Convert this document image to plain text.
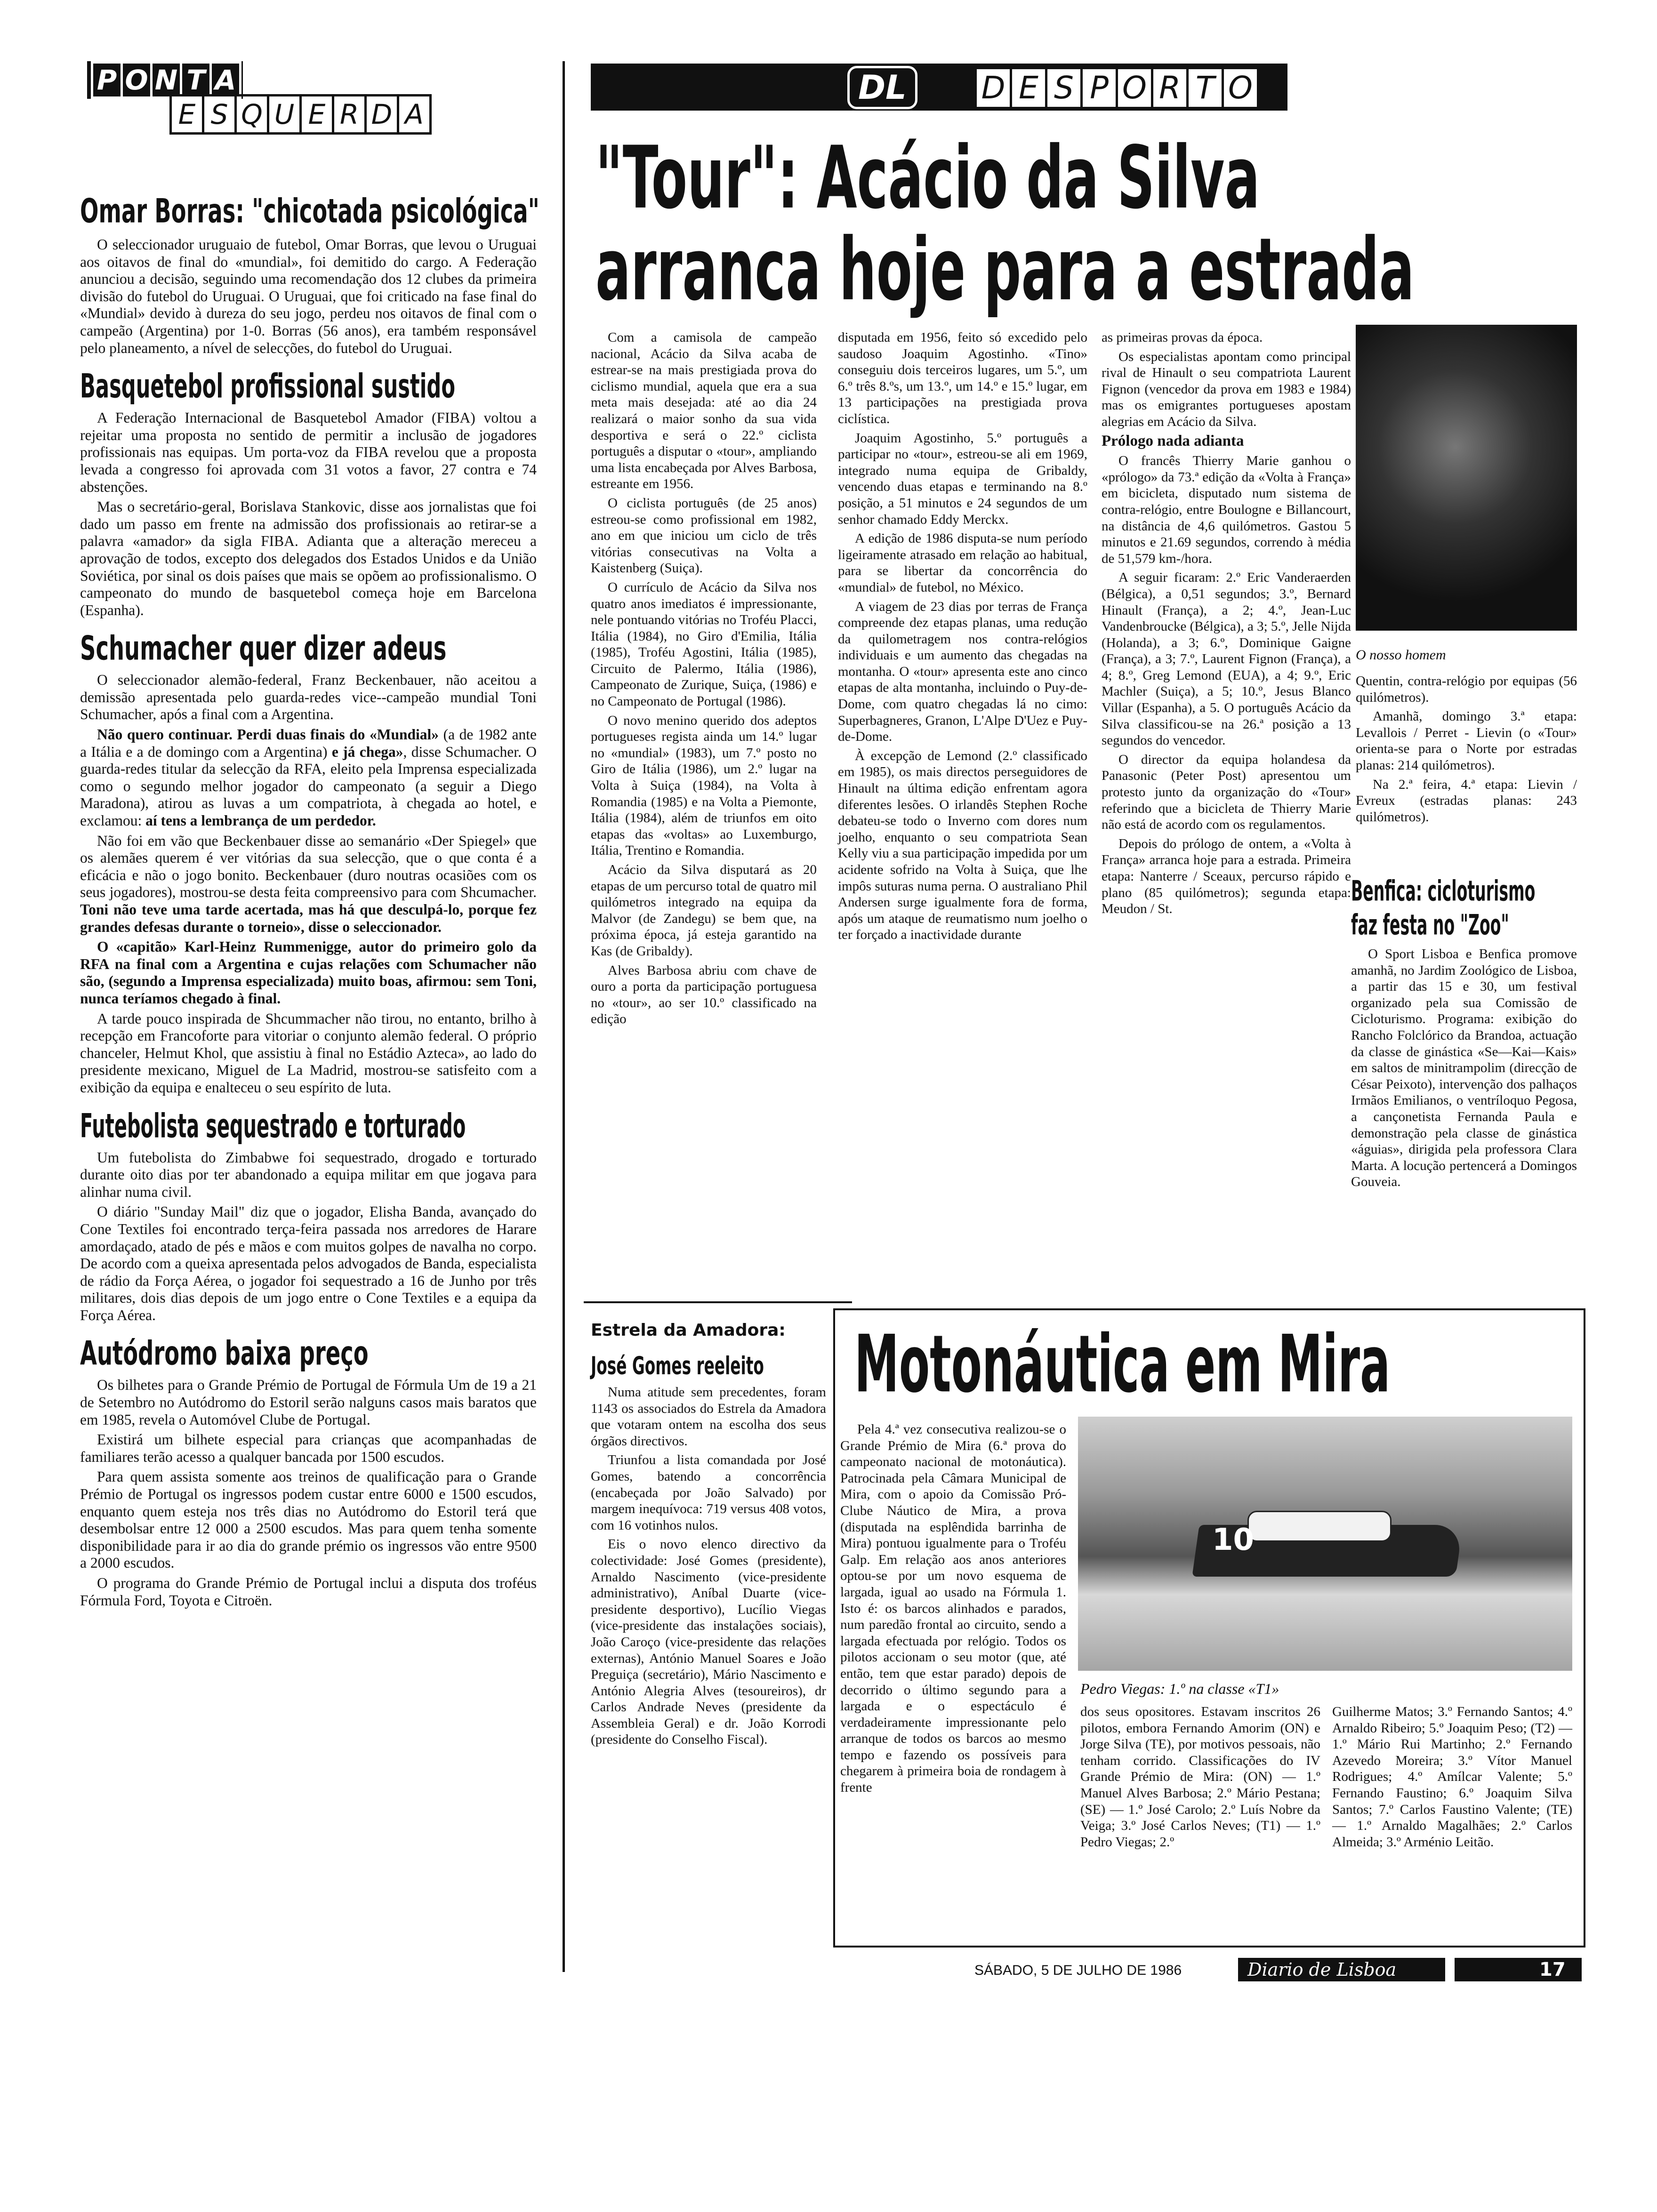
P O N T A
E S Q U E R D A
DL	D E S P O R T O
"Tour": Acácio da Silva
arranca hoje para a estrada
Omar Borras: "chicotada psicológica"

O seleccionador uruguaio de futebol, Omar Borras, que levou o Uruguai aos oitavos de final do «mundial», foi demitido do cargo. A Federação anunciou a decisão, seguindo uma recomendação dos 12 clubes da primeira divisão do futebol do Uruguai. O Uruguai, que foi criticado na fase final do «Mundial» devido à dureza do seu jogo, perdeu nos oitavos de final com o campeão (Argentina) por 1-0. Borras (56 anos), era também responsável pelo planeamento, a nível de selecções, do futebol do Uruguai.

Basquetebol profissional sustido

A Federação Internacional de Basquetebol Amador (FIBA) voltou a rejeitar uma proposta no sentido de permitir a inclusão de jogadores profissionais nas equipas. Um porta-voz da FIBA revelou que a proposta levada a congresso foi aprovada com 31 votos a favor, 27 contra e 74 abstenções.

Mas o secretário-geral, Borislava Stankovic, disse aos jornalistas que foi dado um passo em frente na admissão dos profissionais ao retirar-se a palavra «amador» da sigla FIBA. Adianta que a alteração mereceu a aprovação de todos, excepto dos delegados dos Estados Unidos e da União Soviética, por sinal os dois países que mais se opõem ao profissionalismo. O campeonato do mundo de basquetebol começa hoje em Barcelona (Espanha).

Schumacher quer dizer adeus

O seleccionador alemão-federal, Franz Beckenbauer, não aceitou a demissão apresentada pelo guarda-redes vice--campeão mundial Toni Schumacher, após a final com a Argentina.

Não quero continuar. Perdi duas finais do «Mundial» (a de 1982 ante a Itália e a de domingo com a Argentina) e já chega», disse Schumacher. O guarda-redes titular da selecção da RFA, eleito pela Imprensa especializada como o segundo melhor jogador do campeonato (a seguir a Diego Maradona), atirou as luvas a um compatriota, à chegada ao hotel, e exclamou: aí tens a lembrança de um perdedor.

Não foi em vão que Beckenbauer disse ao semanário «Der Spiegel» que os alemães querem é ver vitórias da sua selecção, que o que conta é a eficácia e não o jogo bonito. Beckenbauer (duro noutras ocasiões com os seus jogadores), mostrou-se desta feita compreensivo para com Shcumacher. Toni não teve uma tarde acertada, mas há que desculpá-lo, porque fez grandes defesas durante o torneio», disse o seleccionador.

O «capitão» Karl-Heinz Rummenigge, autor do primeiro golo da RFA na final com a Argentina e cujas relações com Schumacher não são, (segundo a Imprensa especializada) muito boas, afirmou: sem Toni, nunca teríamos chegado à final.

A tarde pouco inspirada de Shcummacher não tirou, no entanto, brilho à recepção em Francoforte para vitoriar o conjunto alemão federal. O próprio chanceler, Helmut Khol, que assistiu à final no Estádio Azteca», ao lado do presidente mexicano, Miguel de La Madrid, mostrou-se satisfeito com a exibição da equipa e enalteceu o seu espírito de luta.

Futebolista sequestrado e torturado

Um futebolista do Zimbabwe foi sequestrado, drogado e torturado durante oito dias por ter abandonado a equipa militar em que jogava para alinhar numa civil.

O diário "Sunday Mail" diz que o jogador, Elisha Banda, avançado do Cone Textiles foi encontrado terça-feira passada nos arredores de Harare amordaçado, atado de pés e mãos e com muitos golpes de navalha no corpo. De acordo com a queixa apresentada pelos advogados de Banda, especialista de rádio da Força Aérea, o jogador foi sequestrado a 16 de Junho por três militares, dois dias depois de um jogo entre o Cone Textiles e a equipa da Força Aérea.

Autódromo baixa preço

Os bilhetes para o Grande Prémio de Portugal de Fórmula Um de 19 a 21 de Setembro no Autódromo do Estoril serão nalguns casos mais baratos que em 1985, revela o Automóvel Clube de Portugal.

Existirá um bilhete especial para crianças que acompanhadas de familiares terão acesso a qualquer bancada por 1500 escudos.

Para quem assista somente aos treinos de qualificação para o Grande Prémio de Portugal os ingressos podem custar entre 6000 e 1500 escudos, enquanto quem esteja nos três dias no Autódromo do Estoril terá que desembolsar entre 12 000 a 2500 escudos. Mas para quem tenha somente disponibilidade para ir ao dia do grande prémio os ingressos vão entre 9500 a 2000 escudos.

O programa do Grande Prémio de Portugal inclui a disputa dos troféus Fórmula Ford, Toyota e Citroën.

Com a camisola de campeão nacional, Acácio da Silva acaba de estrear-se na mais prestigiada prova do ciclismo mundial, aquela que era a sua meta mais desejada: até ao dia 24 realizará o maior sonho da sua vida desportiva e será o 22.º ciclista português a disputar o «tour», ampliando uma lista encabeçada por Alves Barbosa, estreante em 1956.

O ciclista português (de 25 anos) estreou-se como profissional em 1982, ano em que iniciou um ciclo de três vitórias consecutivas na Volta a Kaistenberg (Suiça).

O currículo de Acácio da Silva nos quatro anos imediatos é impressionante, nele pontuando vitórias no Troféu Placci, Itália (1984), no Giro d'Emilia, Itália (1985), Troféu Agostini, Itália (1985), Circuito de Palermo, Itália (1986), Campeonato de Zurique, Suiça, (1986) e no Campeonato de Portugal (1986).

O novo menino querido dos adeptos portugueses regista ainda um 14.º lugar no «mundial» (1983), um 7.º posto no Giro de Itália (1986), um 2.º lugar na Volta à Suiça (1984), na Volta à Romandia (1985) e na Volta a Piemonte, Itália (1984), além de triunfos em oito etapas das «voltas» ao Luxemburgo, Itália, Trentino e Romandia.

Acácio da Silva disputará as 20 etapas de um percurso total de quatro mil quilómetros integrado na equipa da Malvor (de Zandegu) se bem que, na próxima época, já esteja garantido na Kas (de Gribaldy).

Alves Barbosa abriu com chave de ouro a porta da participação portuguesa no «tour», ao ser 10.º classificado na edição

disputada em 1956, feito só excedido pelo saudoso Joaquim Agostinho. «Tino» conseguiu dois terceiros lugares, um 5.º, um 6.º três 8.ºs, um 13.º, um 14.º e 15.º lugar, em 13 participações na prestigiada prova ciclística.

Joaquim Agostinho, 5.º português a participar no «tour», estreou-se ali em 1969, integrado numa equipa de Gribaldy, vencendo duas etapas e terminando na 8.º posição, a 51 minutos e 24 segundos de um senhor chamado Eddy Merckx.

A edição de 1986 disputa-se num período ligeiramente atrasado em relação ao habitual, para se libertar da concorrência do «mundial» de futebol, no México.

A viagem de 23 dias por terras de França compreende dez etapas planas, uma redução da quilometragem nos contra-relógios individuais e um aumento das chegadas na montanha. O «tour» apresenta este ano cinco etapas de alta montanha, incluindo o Puy-de-Dome, com quatro chegadas lá no cimo: Superbagneres, Granon, L'Alpe D'Uez e Puy-de-Dome.

À excepção de Lemond (2.º classificado em 1985), os mais directos perseguidores de Hinault na última edição enfrentam agora diferentes lesões. O irlandês Stephen Roche debateu-se todo o Inverno com dores num joelho, enquanto o seu compatriota Sean Kelly viu a sua participação impedida por um acidente sofrido na Volta à Suiça, que lhe impôs suturas numa perna. O australiano Phil Andersen surge igualmente fora de forma, após um ataque de reumatismo num joelho o ter forçado a inactividade durante

as primeiras provas da época.

Os especialistas apontam como principal rival de Hinault o seu compatriota Laurent Fignon (vencedor da prova em 1983 e 1984) mas os emigrantes portugueses apostam alegrias em Acácio da Silva.

Prólogo nada adianta

O francês Thierry Marie ganhou o «prólogo» da 73.ª edição da «Volta à França» em bicicleta, disputado num sistema de contra-relógio, entre Boulogne e Billancourt, na distância de 4,6 quilómetros. Gastou 5 minutos e 21.69 segundos, correndo à média de 51,579 km-/hora.

A seguir ficaram: 2.º Eric Vanderaerden (Bélgica), a 0,51 segundos; 3.º, Bernard Hinault (França), a 2; 4.º, Jean-Luc Vandenbroucke (Bélgica), a 3; 5.º, Jelle Nijda (Holanda), a 3; 6.º, Dominique Gaigne (França), a 3; 7.º, Laurent Fignon (França), a 4; 8.º, Greg Lemond (EUA), a 4; 9.º, Eric Machler (Suiça), a 5; 10.º, Jesus Blanco Villar (Espanha), a 5. O português Acácio da Silva classificou-se na 26.ª posição a 13 segundos do vencedor.

O director da equipa holandesa da Panasonic (Peter Post) apresentou um protesto junto da organização do «Tour» referindo que a bicicleta de Thierry Marie não está de acordo com os regulamentos.

Depois do prólogo de ontem, a «Volta à França» arranca hoje para a estrada. Primeira etapa: Nanterre / Sceaux, percurso rápido e plano (85 quilómetros); segunda etapa: Meudon / St.

O nosso homem

Quentin, contra-relógio por equipas (56 quilómetros).

Amanhã, domingo 3.ª etapa: Levallois / Perret - Lievin (o «Tour» orienta-se para o Norte por estradas planas: 214 quilómetros).

Na 2.ª feira, 4.ª etapa: Lievin / Evreux (estradas planas: 243 quilómetros).

Benfica: cicloturismo
faz festa no "Zoo"

O Sport Lisboa e Benfica promove amanhã, no Jardim Zoológico de Lisboa, a partir das 15 e 30, um festival organizado pela sua Comissão de Cicloturismo. Programa: exibição do Rancho Folclórico da Brandoa, actuação da classe de ginástica «Se—Kai—Kais» em saltos de minitrampolim (direcção de César Peixoto), intervenção dos palhaços Irmãos Emilianos, o ventríloquo Pegosa, a cançonetista Fernanda Paula e demonstração pela classe de ginástica «águias», dirigida pela professora Clara Marta. A locução pertencerá a Domingos Gouveia.

Estrela da Amadora:
José Gomes reeleito

Numa atitude sem precedentes, foram 1143 os associados do Estrela da Amadora que votaram ontem na escolha dos seus órgãos directivos.

Triunfou a lista comandada por José Gomes, batendo a concorrência (encabeçada por João Salvado) por margem inequívoca: 719 versus 408 votos, com 16 votinhos nulos.

Eis o novo elenco directivo da colectividade: José Gomes (presidente), Arnaldo Nascimento (vice-presidente administrativo), Aníbal Duarte (vice-presidente desportivo), Lucílio Viegas (vice-presidente das instalações sociais), João Caroço (vice-presidente das relações externas), António Manuel Soares e João Preguiça (secretário), Mário Nascimento e António Alegria Alves (tesoureiros), dr Carlos Andrade Neves (presidente da Assembleia Geral) e dr. João Korrodi (presidente do Conselho Fiscal).

Motonáutica em Mira

Pela 4.ª vez consecutiva realizou-se o Grande Prémio de Mira (6.ª prova do campeonato nacional de motonáutica). Patrocinada pela Câmara Municipal de Mira, com o apoio da Comissão Pró-Clube Náutico de Mira, a prova (disputada na esplêndida barrinha de Mira) pontuou igualmente para o Troféu Galp. Em relação aos anos anteriores optou-se por um novo esquema de largada, igual ao usado na Fórmula 1. Isto é: os barcos alinhados e parados, num paredão frontal ao circuito, sendo a largada efectuada por relógio. Todos os pilotos accionam o seu motor (que, até então, tem que estar parado) depois de decorrido o último segundo para a largada e o espectáculo é verdadeiramente impressionante pelo arranque de todos os barcos ao mesmo tempo e fazendo os possíveis para chegarem à primeira boia de rondagem à frente

10
Pedro Viegas: 1.º na classe «T1»

dos seus opositores. Estavam inscritos 26 pilotos, embora Fernando Amorim (ON) e Jorge Silva (TE), por motivos pessoais, não tenham corrido. Classificações do IV Grande Prémio de Mira: (ON) — 1.º Manuel Alves Barbosa; 2.º Mário Pestana; (SE) — 1.º José Carolo; 2.º Luís Nobre da Veiga; 3.º José Carlos Neves; (T1) — 1.º Pedro Viegas; 2.º

Guilherme Matos; 3.º Fernando Santos; 4.º Arnaldo Ribeiro; 5.º Joaquim Peso; (T2) — 1.º Mário Rui Martinho; 2.º Fernando Azevedo Moreira; 3.º Vítor Manuel Rodrigues; 4.º Amílcar Valente; 5.º Fernando Faustino; 6.º Joaquim Silva Santos; 7.º Carlos Faustino Valente; (TE) — 1.º Arnaldo Magalhães; 2.º Carlos Almeida; 3.º Arménio Leitão.

SÁBADO, 5 DE JULHO DE 1986	Diario de Lisboa	17
